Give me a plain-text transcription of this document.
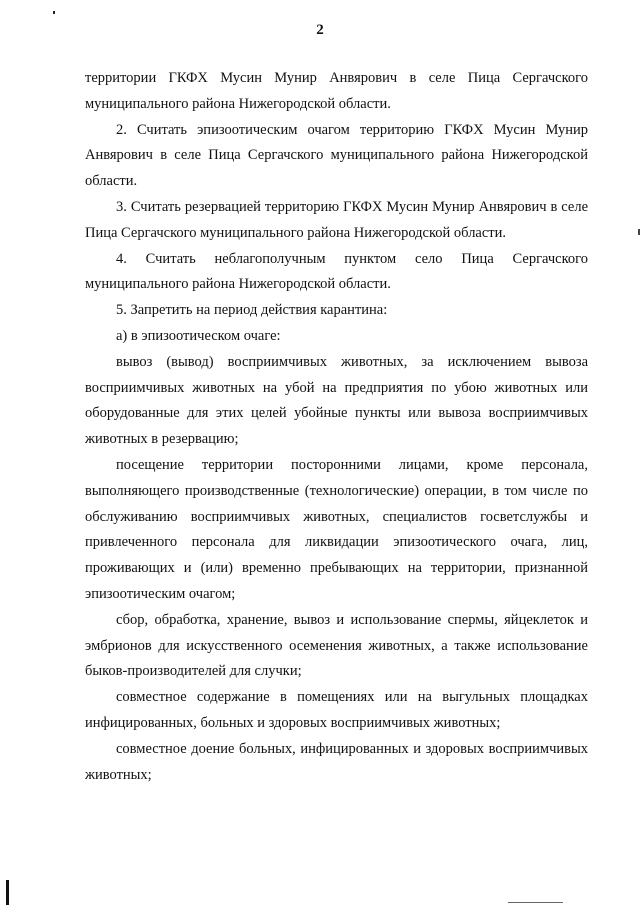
2

территории ГКФХ Мусин Мунир Анвярович в селе Пица Сергачского муниципального района Нижегородской области.

2. Считать эпизоотическим очагом территорию ГКФХ Мусин Мунир Анвярович в селе Пица Сергачского муниципального района Нижегородской области.

3. Считать резервацией территорию ГКФХ Мусин Мунир Анвярович в селе Пица Сергачского муниципального района Нижегородской области.

4. Считать неблагополучным пунктом село Пица Сергачского муниципального района Нижегородской области.

5. Запретить на период действия карантина:

а) в эпизоотическом очаге:

вывоз (вывод) восприимчивых животных, за исключением вывоза восприимчивых животных на убой на предприятия по убою животных или оборудованные для этих целей убойные пункты или вывоза восприимчивых животных в резервацию;

посещение территории посторонними лицами, кроме персонала, выполняющего производственные (технологические) операции, в том числе по обслуживанию восприимчивых животных, специалистов госветслужбы и привлеченного персонала для ликвидации эпизоотического очага, лиц, проживающих и (или) временно пребывающих на территории, признанной эпизоотическим очагом;

сбор, обработка, хранение, вывоз и использование спермы, яйцеклеток и эмбрионов для искусственного осеменения животных, а также использование быков-производителей для случки;

совместное содержание в помещениях или на выгульных площадках инфицированных, больных и здоровых восприимчивых животных;

совместное доение больных, инфицированных и здоровых восприимчивых животных;
